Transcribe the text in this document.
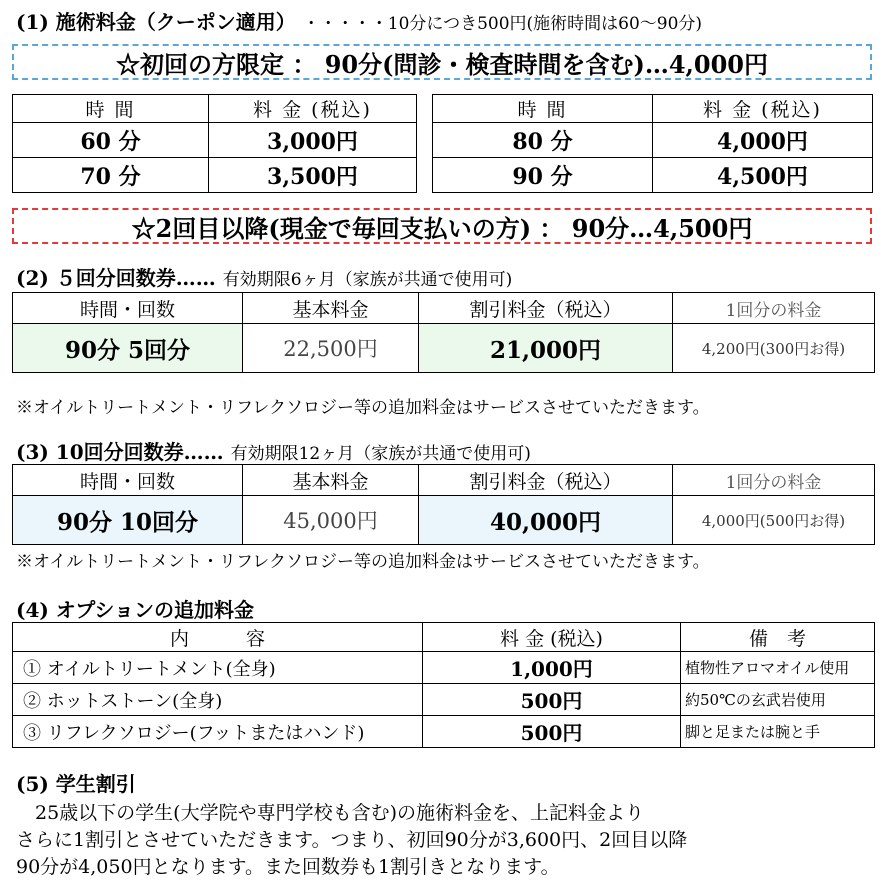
(1) 施術料金（クーポン適用） ・・・・・10分につき500円(施術時間は60～90分)
☆初回の方限定 ： 90分(問診・検査時間を含む)…4,000円
時 間	料 金 (税込)
60 分	3,000円
70 分	3,500円
時 間	料 金 (税込)
80 分	4,000円
90 分	4,500円
☆2回目以降(現金で毎回支払いの方) ： 90分…4,500円
(2) ５回分回数券…… 有効期限6ヶ月（家族が共通で使用可)
時間・回数	基本料金	割引料金（税込）	1回分の料金
90分 5回分	22,500円	21,000円	4,200円(300円お得)
※オイルトリートメント・リフレクソロジー等の追加料金はサービスさせていただきます。
(3) 10回分回数券…… 有効期限12ヶ月（家族が共通で使用可)
時間・回数	基本料金	割引料金（税込）	1回分の料金
90分 10回分	45,000円	40,000円	4,000円(500円お得)
※オイルトリートメント・リフレクソロジー等の追加料金はサービスさせていただきます。
(4) オプションの追加料金
内　　　容	料 金 (税込)	備　考
① オイルトリートメント(全身)	1,000円	植物性アロマオイル使用
② ホットストーン(全身)	500円	約50℃の玄武岩使用
③ リフレクソロジー(フットまたはハンド)	500円	脚と足または腕と手
(5) 学生割引
　25歳以下の学生(大学院や専門学校も含む)の施術料金を、上記料金より
さらに1割引とさせていただきます。つまり、初回90分が3,600円、2回目以降
90分が4,050円となります。また回数券も1割引きとなります。
